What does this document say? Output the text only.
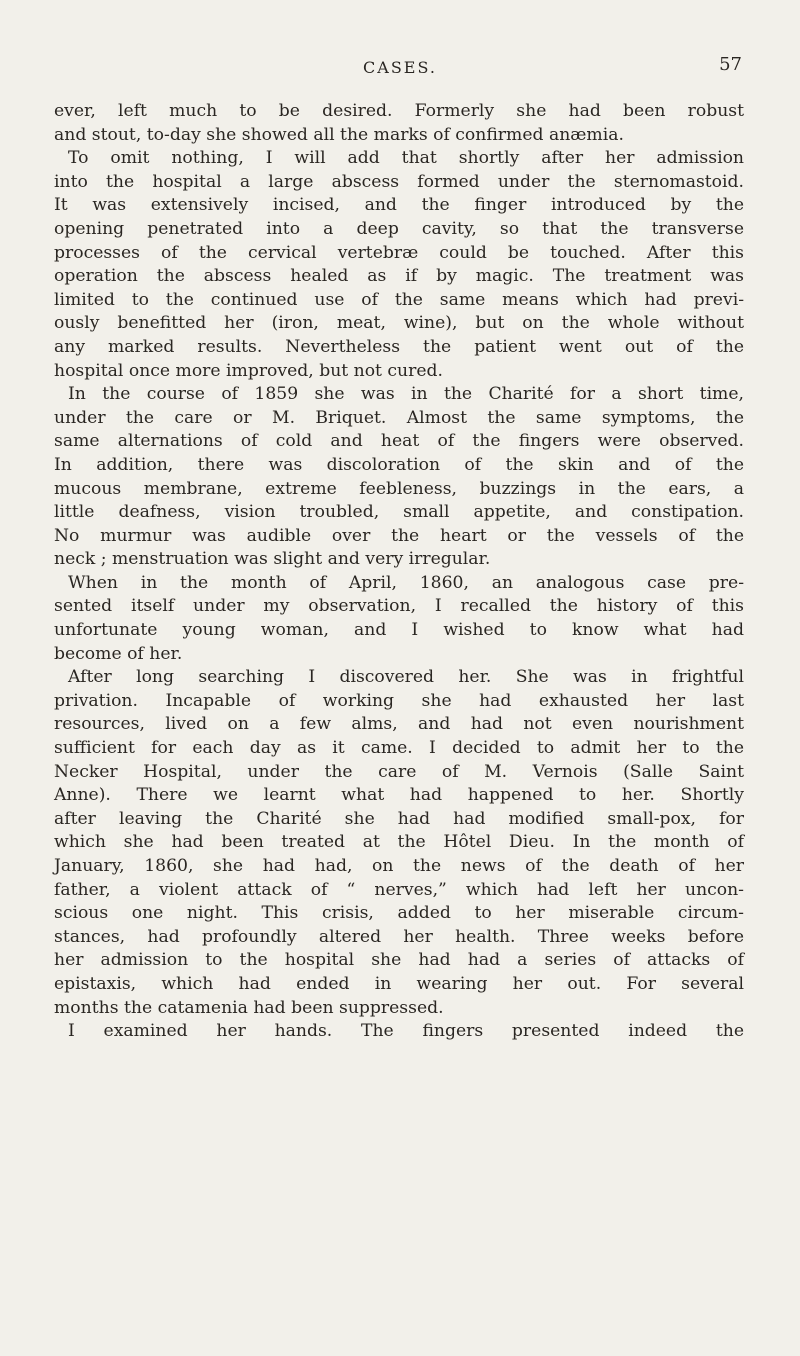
CASES.	57
ever, left much to be desired. Formerly she had been robust
and stout, to-day she showed all the marks of confirmed anæmia.
To omit nothing, I will add that shortly after her admission
into the hospital a large abscess formed under the sternomastoid.
It was extensively incised, and the finger introduced by the
opening penetrated into a deep cavity, so that the transverse
processes of the cervical vertebræ could be touched. After this
operation the abscess healed as if by magic. The treatment was
limited to the continued use of the same means which had previ-
ously benefitted her (iron, meat, wine), but on the whole without
any marked results. Nevertheless the patient went out of the
hospital once more improved, but not cured.
In the course of 1859 she was in the Charité for a short time,
under the care or M. Briquet. Almost the same symptoms, the
same alternations of cold and heat of the fingers were observed.
In addition, there was discoloration of the skin and of the
mucous membrane, extreme feebleness, buzzings in the ears, a
little deafness, vision troubled, small appetite, and constipation.
No murmur was audible over the heart or the vessels of the
neck ; menstruation was slight and very irregular.
When in the month of April, 1860, an analogous case pre-
sented itself under my observation, I recalled the history of this
unfortunate young woman, and I wished to know what had
become of her.
After long searching I discovered her. She was in frightful
privation. Incapable of working she had exhausted her last
resources, lived on a few alms, and had not even nourishment
sufficient for each day as it came. I decided to admit her to the
Necker Hospital, under the care of M. Vernois (Salle Saint
Anne). There we learnt what had happened to her. Shortly
after leaving the Charité she had had modified small-pox, for
which she had been treated at the Hôtel Dieu. In the month of
January, 1860, she had had, on the news of the death of her
father, a violent attack of “ nerves,” which had left her uncon-
scious one night. This crisis, added to her miserable circum-
stances, had profoundly altered her health. Three weeks before
her admission to the hospital she had had a series of attacks of
epistaxis, which had ended in wearing her out. For several
months the catamenia had been suppressed.
I examined her hands. The fingers presented indeed the
